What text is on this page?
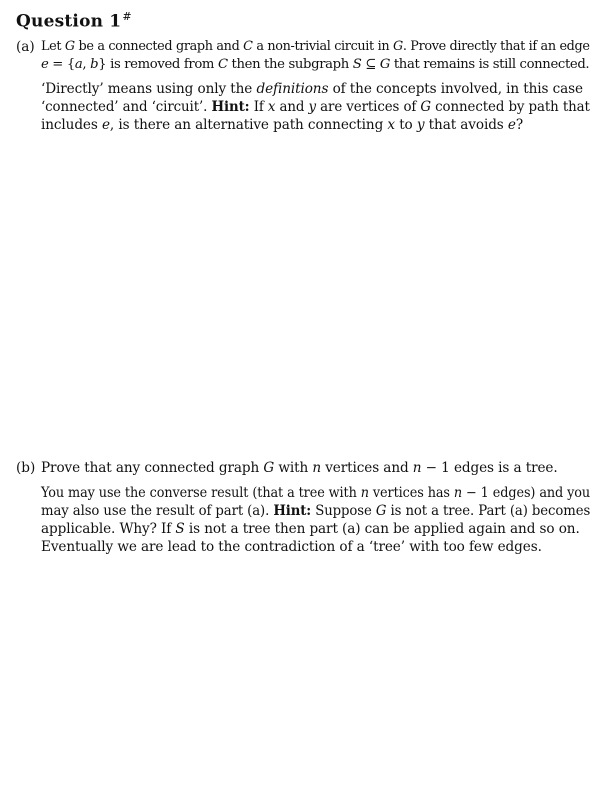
Question 1#
(a) Let G be a connected graph and C a non-trivial circuit in G. Prove directly that if an edge
e = {a, b} is removed from C then the subgraph S ⊆ G that remains is still connected.
‘Directly’ means using only the definitions of the concepts involved, in this case
‘connected’ and ‘circuit’. Hint: If x and y are vertices of G connected by path that
includes e, is there an alternative path connecting x to y that avoids e?
(b) Prove that any connected graph G with n vertices and n − 1 edges is a tree.
You may use the converse result (that a tree with n vertices has n − 1 edges) and you
may also use the result of part (a). Hint: Suppose G is not a tree. Part (a) becomes
applicable. Why? If S is not a tree then part (a) can be applied again and so on.
Eventually we are lead to the contradiction of a ‘tree’ with too few edges.
